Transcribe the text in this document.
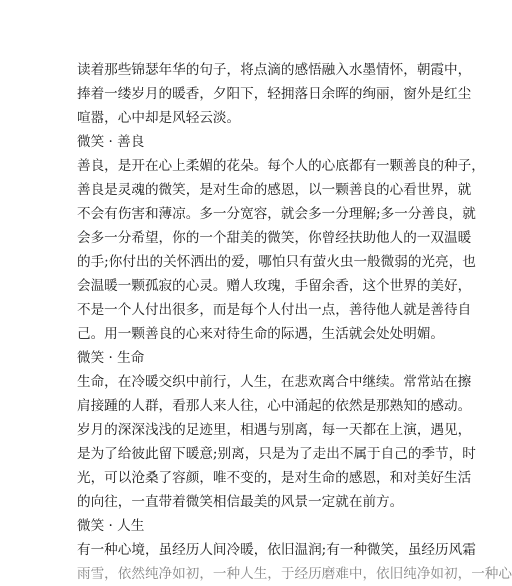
读着那些锦瑟年华的句子，将点滴的感悟融入水墨情怀，朝霞中，
捧着一缕岁月的暖香，夕阳下，轻拥落日余晖的绚丽，窗外是红尘
喧嚣，心中却是风轻云淡。
微笑 · 善良
善良，是开在心上柔媚的花朵。每个人的心底都有一颗善良的种子，
善良是灵魂的微笑，是对生命的感恩，以一颗善良的心看世界，就
不会有伤害和薄凉。多一分宽容，就会多一分理解;多一分善良，就
会多一分希望，你的一个甜美的微笑，你曾经扶助他人的一双温暖
的手;你付出的关怀洒出的爱，哪怕只有萤火虫一般微弱的光亮，也
会温暖一颗孤寂的心灵。赠人玫瑰，手留余香，这个世界的美好，
不是一个人付出很多，而是每个人付出一点，善待他人就是善待自
己。用一颗善良的心来对待生命的际遇，生活就会处处明媚。
微笑 · 生命
生命，在冷暖交织中前行，人生，在悲欢离合中继续。常常站在擦
肩接踵的人群，看那人来人往，心中涌起的依然是那熟知的感动。
岁月的深深浅浅的足迹里，相遇与别离，每一天都在上演，遇见，
是为了给彼此留下暖意;别离，只是为了走出不属于自己的季节，时
光，可以沧桑了容颜，唯不变的，是对生命的感恩，和对美好生活
的向往，一直带着微笑相信最美的风景一定就在前方。
微笑 · 人生
有一种心境，虽经历人间冷暖，依旧温润;有一种微笑，虽经历风霜
雨雪，依然纯净如初，一种人生，于经历磨难中，依旧纯净如初，一种心
